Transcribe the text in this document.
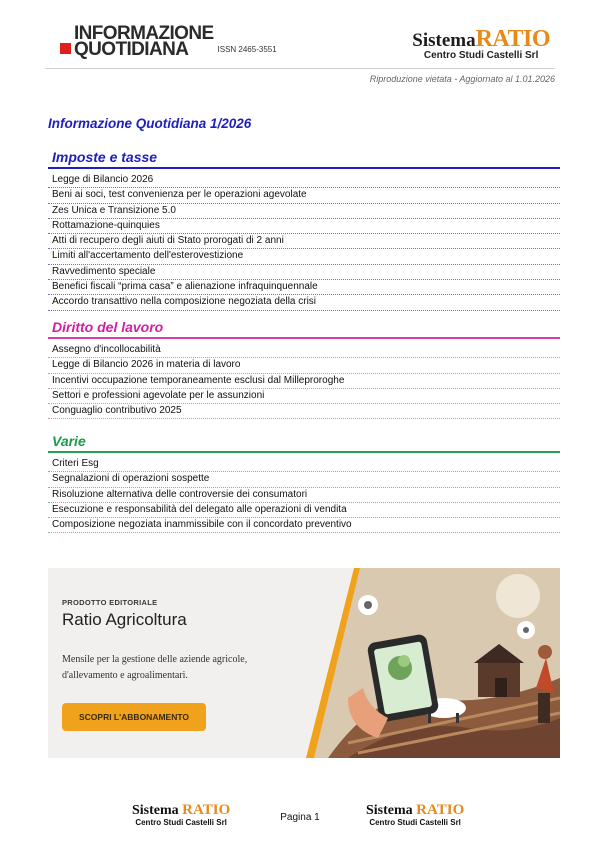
INFORMAZIONE
QUOTIDIANA	ISSN 2465-3551	SistemaRATIO
Centro Studi Castelli Srl
Riproduzione vietata - Aggiornato al 1.01.2026
Informazione Quotidiana 1/2026
Imposte e tasse
Legge di Bilancio 2026
Beni ai soci, test convenienza per le operazioni agevolate
Zes Unica e Transizione 5.0
Rottamazione-quinquies
Atti di recupero degli aiuti di Stato prorogati di 2 anni
Limiti all'accertamento dell'esterovestizione
Ravvedimento speciale
Benefici fiscali “prima casa” e alienazione infraquinquennale
Accordo transattivo nella composizione negoziata della crisi
Diritto del lavoro
Assegno d'incollocabilità
Legge di Bilancio 2026 in materia di lavoro
Incentivi occupazione temporaneamente esclusi dal Milleproroghe
Settori e professioni agevolate per le assunzioni
Conguaglio contributivo 2025
Varie
Criteri Esg
Segnalazioni di operazioni sospette
Risoluzione alternativa delle controversie dei consumatori
Esecuzione e responsabilità del delegato alle operazioni di vendita
Composizione negoziata inammissibile con il concordato preventivo
PRODOTTO EDITORIALE
Ratio Agricoltura
Mensile per la gestione delle aziende agricole,
d'allevamento e agroalimentari.
SCOPRI L'ABBONAMENTO
Sistema RATIO
Centro Studi Castelli Srl	Pagina 1	Sistema RATIO
Centro Studi Castelli Srl
